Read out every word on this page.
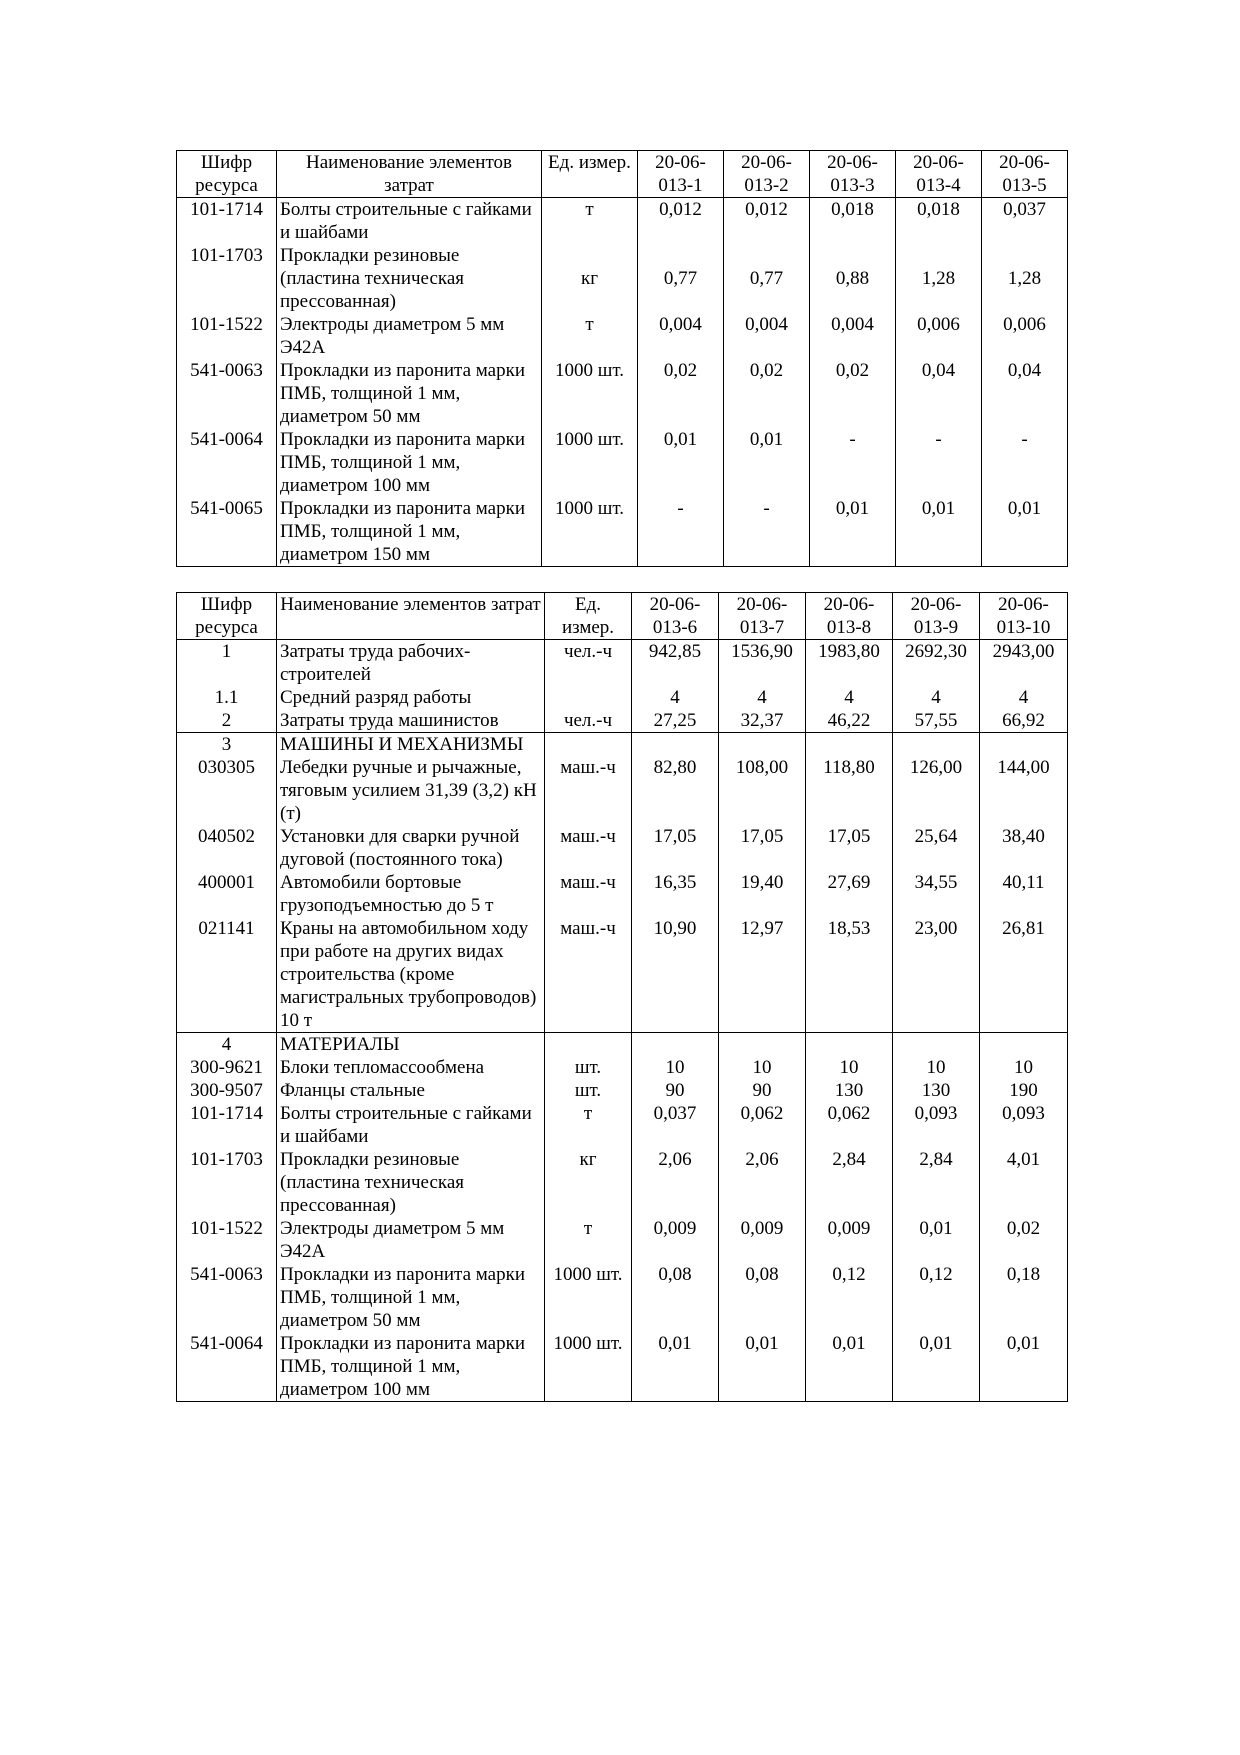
Шифр ресурса	Наименование элементов затрат	Ед. измер.	20-06-013-1	20-06-013-2	20-06-013-3	20-06-013-4	20-06-013-5
101-1714	Болты строительные с гайками и шайбами	т	0,012	0,012	0,018	0,018	0,037
101-1703	Прокладки резиновые (пластина техническая прессованная)	кг	0,77	0,77	0,88	1,28	1,28
101-1522	Электроды диаметром 5 мм Э42А	т	0,004	0,004	0,004	0,006	0,006
541-0063	Прокладки из паронита марки ПМБ, толщиной 1 мм, диаметром 50 мм	1000 шт.	0,02	0,02	0,02	0,04	0,04
541-0064	Прокладки из паронита марки ПМБ, толщиной 1 мм, диаметром 100 мм	1000 шт.	0,01	0,01	-	-	-
541-0065	Прокладки из паронита марки ПМБ, толщиной 1 мм, диаметром 150 мм	1000 шт.	-	-	0,01	0,01	0,01
Шифр ресурса	Наименование элементов затрат	Ед. измер.	20-06-013-6	20-06-013-7	20-06-013-8	20-06-013-9	20-06-013-10
1	Затраты труда рабочих-строителей	чел.-ч	942,85	1536,90	1983,80	2692,30	2943,00
1.1	Средний разряд работы		4	4	4	4	4
2	Затраты труда машинистов	чел.-ч	27,25	32,37	46,22	57,55	66,92
3	МАШИНЫ И МЕХАНИЗМЫ						
030305	Лебедки ручные и рычажные, тяговым усилием 31,39 (3,2) кН (т)	маш.-ч	82,80	108,00	118,80	126,00	144,00
040502	Установки для сварки ручной дуговой (постоянного тока)	маш.-ч	17,05	17,05	17,05	25,64	38,40
400001	Автомобили бортовые грузоподъемностью до 5 т	маш.-ч	16,35	19,40	27,69	34,55	40,11
021141	Краны на автомобильном ходу при работе на других видах строительства (кроме магистральных трубопроводов) 10 т	маш.-ч	10,90	12,97	18,53	23,00	26,81
4	МАТЕРИАЛЫ						
300-9621	Блоки тепломассообмена	шт.	10	10	10	10	10
300-9507	Фланцы стальные	шт.	90	90	130	130	190
101-1714	Болты строительные с гайками и шайбами	т	0,037	0,062	0,062	0,093	0,093
101-1703	Прокладки резиновые (пластина техническая прессованная)	кг	2,06	2,06	2,84	2,84	4,01
101-1522	Электроды диаметром 5 мм Э42А	т	0,009	0,009	0,009	0,01	0,02
541-0063	Прокладки из паронита марки ПМБ, толщиной 1 мм, диаметром 50 мм	1000 шт.	0,08	0,08	0,12	0,12	0,18
541-0064	Прокладки из паронита марки ПМБ, толщиной 1 мм, диаметром 100 мм	1000 шт.	0,01	0,01	0,01	0,01	0,01
